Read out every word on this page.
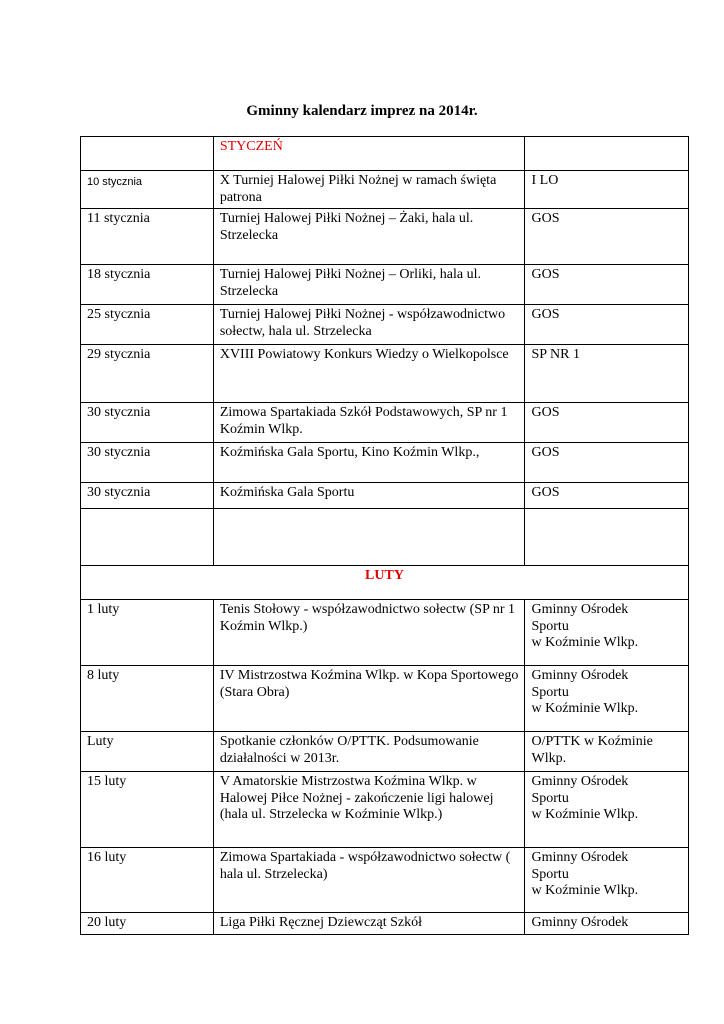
Gminny kalendarz imprez na 2014r.
	STYCZEŃ	
10 stycznia	X Turniej Halowej Piłki Nożnej w ramach święta patrona	I LO
11 stycznia	Turniej Halowej Piłki Nożnej – Żaki, hala ul. Strzelecka	GOS
18 stycznia	Turniej Halowej Piłki Nożnej – Orliki, hala ul. Strzelecka	GOS
25 stycznia	Turniej Halowej Piłki Nożnej - współzawodnictwo sołectw, hala ul. Strzelecka	GOS
29 stycznia	XVIII Powiatowy Konkurs Wiedzy o Wielkopolsce	SP NR 1
30 stycznia	Zimowa Spartakiada Szkół Podstawowych, SP nr 1 Koźmin Wlkp.	GOS
30 stycznia	Koźmińska Gala Sportu, Kino Koźmin Wlkp.,	GOS
30 stycznia	Koźmińska Gala Sportu	GOS

LUTY		
1 luty	Tenis Stołowy - współzawodnictwo sołectw (SP nr 1 Koźmin Wlkp.)	Gminny Ośrodek
Sportu
w Koźminie Wlkp.

8 luty	IV Mistrzostwa Koźmina Wlkp. w Kopa Sportowego (Stara Obra)	Gminny Ośrodek
Sportu
w Koźminie Wlkp.

Luty	Spotkanie członków O/PTTK. Podsumowanie działalności w 2013r.	O/PTTK w Koźminie
Wlkp.

15 luty	V Amatorskie Mistrzostwa Koźmina Wlkp. w Halowej Piłce Nożnej - zakończenie ligi halowej (hala ul. Strzelecka w Koźminie Wlkp.)	Gminny Ośrodek
Sportu
w Koźminie Wlkp.

16 luty	Zimowa Spartakiada - współzawodnictwo sołectw ( hala ul. Strzelecka)	Gminny Ośrodek
Sportu
w Koźminie Wlkp.

20 luty	Liga Piłki Ręcznej Dziewcząt Szkół	Gminny Ośrodek
